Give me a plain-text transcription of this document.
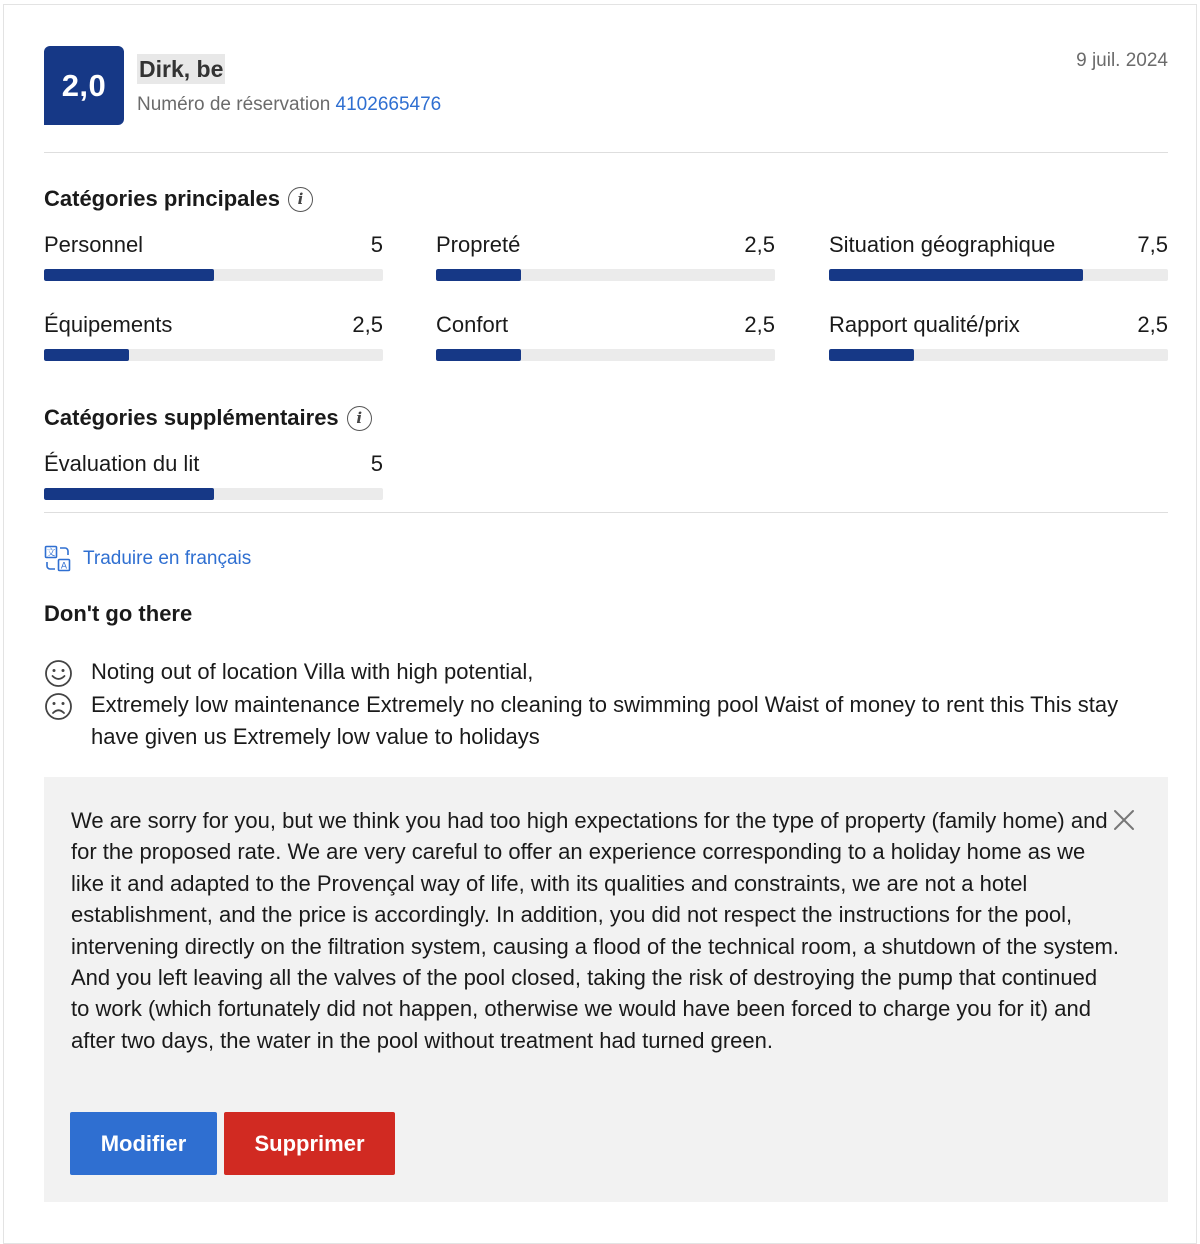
2,0	Dirk, be
Numéro de réservation 4102665476
9 juil. 2024
Catégories principales	i
Personnel	5 Propreté	2,5 Situation géographique	7,5
Équipements	2,5 Confort	2,5 Rapport qualité/prix	2,5
Catégories supplémentaires	i
Évaluation du lit	5
文
A Traduire en français
Don't go there
Noting out of location Villa with high potential,
Extremely low maintenance Extremely no cleaning to swimming pool Waist of money to rent this This stay have given us Extremely low value to holidays
We are sorry for you, but we think you had too high expectations for the type of property (family home) and for the proposed rate. We are very careful to offer an experience corresponding to a holiday home as we like it and adapted to the Provençal way of life, with its qualities and constraints, we are not a hotel establishment, and the price is accordingly. In addition, you did not respect the instructions for the pool, intervening directly on the filtration system, causing a flood of the technical room, a shutdown of the system. And you left leaving all the valves of the pool closed, taking the risk of destroying the pump that continued to work (which fortunately did not happen, otherwise we would have been forced to charge you for it) and after two days, the water in the pool without treatment had turned green.
Modifier	Supprimer
